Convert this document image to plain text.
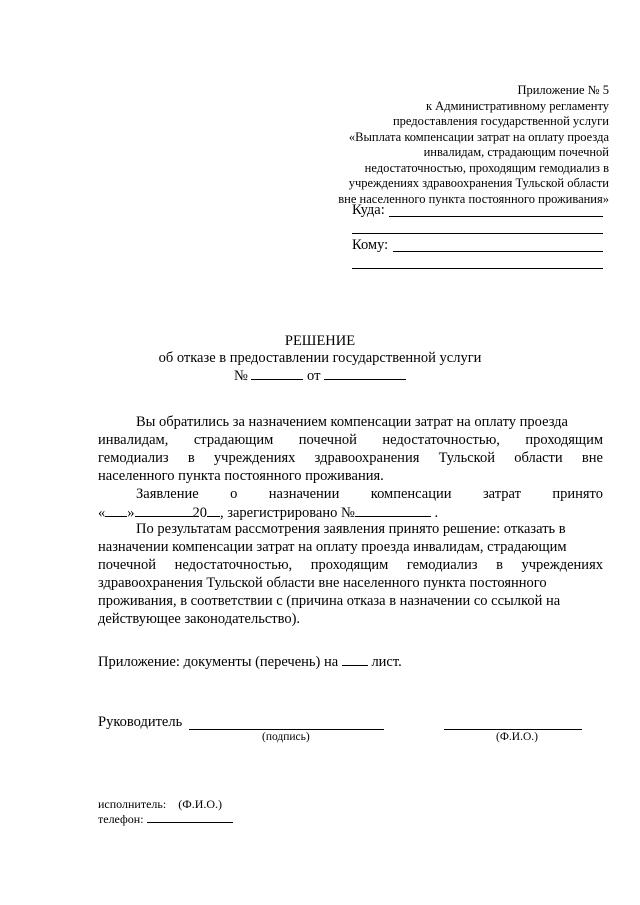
Приложение № 5
к Административному регламенту
предоставления государственной услуги
«Выплата компенсации затрат на оплату проезда
инвалидам, страдающим почечной
недостаточностью, проходящим гемодиализ в
учреждениях здравоохранения Тульской области
вне населенного пункта постоянного проживания»
Куда:
Кому:
РЕШЕНИЕ
об отказе в предоставлении государственной услуги
№	от
Вы обратились за назначением компенсации затрат на оплату проезда
инвалидам, страдающим почечной недостаточностью, проходящим
гемодиализ в учреждениях здравоохранения Тульской области вне
населенного пункта постоянного проживания.
Заявление о назначении компенсации затрат принято
« »	20 , зарегистрировано №	.
По результатам рассмотрения заявления принято решение: отказать в
назначении компенсации затрат на оплату проезда инвалидам, страдающим
почечной недостаточностью, проходящим гемодиализ в учреждениях
здравоохранения Тульской области вне населенного пункта постоянного
проживания, в соответствии с (причина отказа в назначении со ссылкой на
действующее законодательство).
Приложение: документы (перечень) на лист.
Руководитель
(подпись)	(Ф.И.О.)
исполнитель: (Ф.И.О.)
телефон:
